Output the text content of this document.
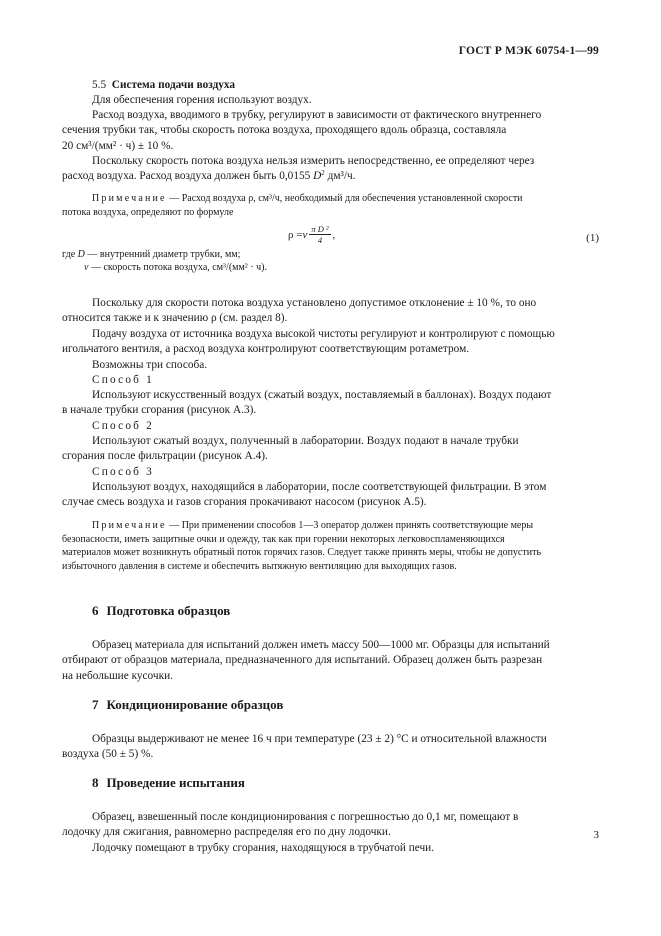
ГОСТ Р МЭК 60754-1—99
5.5 Система подачи воздуха
Для обеспечения горения используют воздух.
Расход воздуха, вводимого в трубку, регулируют в зависимости от фактического внутреннего
сечения трубки так, чтобы скорость потока воздуха, проходящего вдоль образца, составляла
20 см³/(мм² · ч) ± 10 %.
Поскольку скорость потока воздуха нельзя измерить непосредственно, ее определяют через
расход воздуха. Расход воздуха должен быть 0,0155 $D^2$ дм³/ч.
Примечание — Расход воздуха ρ, см³/ч, необходимый для обеспечения установленной скорости
потока воздуха, определяют по формуле
ρ = v $\frac{\text{π D ²}}{4}$ ,	(1)
где D — внутренний диаметр трубки, мм;
v — скорость потока воздуха, см³/(мм² · ч).
Поскольку для скорости потока воздуха установлено допустимое отклонение ± 10 %, то оно
относится также и к значению ρ (см. раздел 8).
Подачу воздуха от источника воздуха высокой чистоты регулируют и контролируют с помощью
игольчатого вентиля, а расход воздуха контролируют соответствующим ротаметром.
Возможны три способа.
Способ 1
Используют искусственный воздух (сжатый воздух, поставляемый в баллонах). Воздух подают
в начале трубки сгорания (рисунок А.3).
Способ 2
Используют сжатый воздух, полученный в лаборатории. Воздух подают в начале трубки
сгорания после фильтрации (рисунок А.4).
Способ 3
Используют воздух, находящийся в лаборатории, после соответствующей фильтрации. В этом
случае смесь воздуха и газов сгорания прокачивают насосом (рисунок А.5).
Примечание — При применении способов 1—3 оператор должен принять соответствующие меры
безопасности, иметь защитные очки и одежду, так как при горении некоторых легковоспламеняющихся
материалов может возникнуть обратный поток горячих газов. Следует также принять меры, чтобы не допустить
избыточного давления в системе и обеспечить вытяжную вентиляцию для выходящих газов.
6 Подготовка образцов
Образец материала для испытаний должен иметь массу 500—1000 мг. Образцы для испытаний
отбирают от образцов материала, предназначенного для испытаний. Образец должен быть разрезан
на небольшие кусочки.
7 Кондиционирование образцов
Образцы выдерживают не менее 16 ч при температуре (23 ± 2) °С и относительной влажности
воздуха (50 ± 5) %.
8 Проведение испытания
Образец, взвешенный после кондиционирования с погрешностью до 0,1 мг, помещают в
лодочку для сжигания, равномерно распределяя его по дну лодочки.
Лодочку помещают в трубку сгорания, находящуюся в трубчатой печи.
3
